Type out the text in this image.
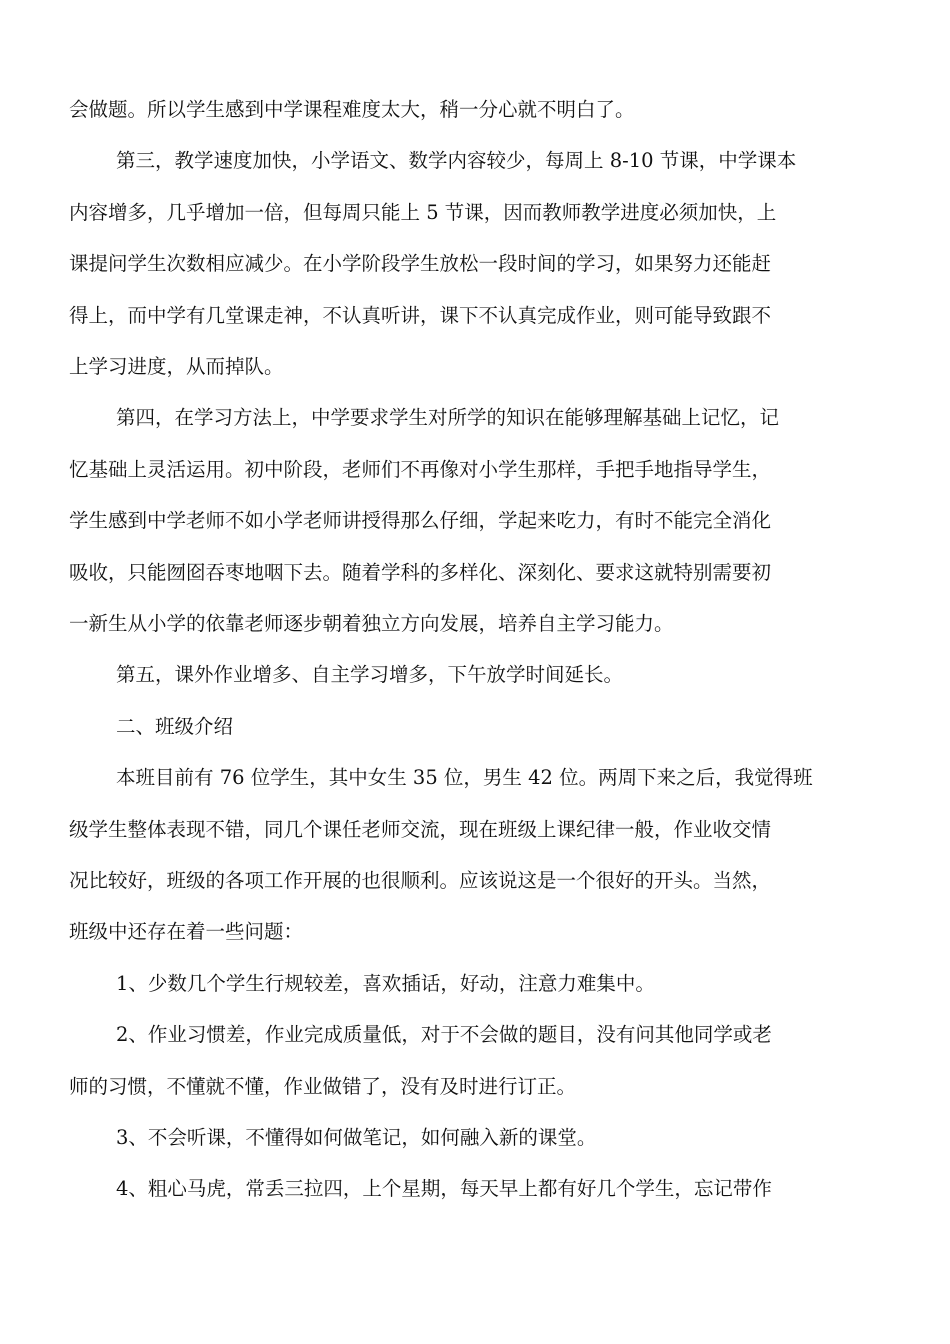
会做题。所以学生感到中学课程难度太大，稍一分心就不明白了。

第三，教学速度加快，小学语文、数学内容较少，每周上 8-10 节课，中学课本

内容增多，几乎增加一倍，但每周只能上 5 节课，因而教师教学进度必须加快，上

课提问学生次数相应减少。在小学阶段学生放松一段时间的学习，如果努力还能赶

得上，而中学有几堂课走神，不认真听讲，课下不认真完成作业，则可能导致跟不

上学习进度，从而掉队。

第四，在学习方法上，中学要求学生对所学的知识在能够理解基础上记忆，记

忆基础上灵活运用。初中阶段，老师们不再像对小学生那样，手把手地指导学生，

学生感到中学老师不如小学老师讲授得那么仔细，学起来吃力，有时不能完全消化

吸收，只能囫囵吞枣地咽下去。随着学科的多样化、深刻化、要求这就特别需要初

一新生从小学的依靠老师逐步朝着独立方向发展，培养自主学习能力。

第五，课外作业增多、自主学习增多，下午放学时间延长。

二、班级介绍

本班目前有 76 位学生，其中女生 35 位，男生 42 位。两周下来之后，我觉得班

级学生整体表现不错，同几个课任老师交流，现在班级上课纪律一般，作业收交情

况比较好，班级的各项工作开展的也很顺利。应该说这是一个很好的开头。当然，

班级中还存在着一些问题：

1、少数几个学生行规较差，喜欢插话，好动，注意力难集中。

2、作业习惯差，作业完成质量低，对于不会做的题目，没有问其他同学或老

师的习惯，不懂就不懂，作业做错了，没有及时进行订正。

3、不会听课，不懂得如何做笔记，如何融入新的课堂。

4、粗心马虎，常丢三拉四，上个星期，每天早上都有好几个学生，忘记带作
